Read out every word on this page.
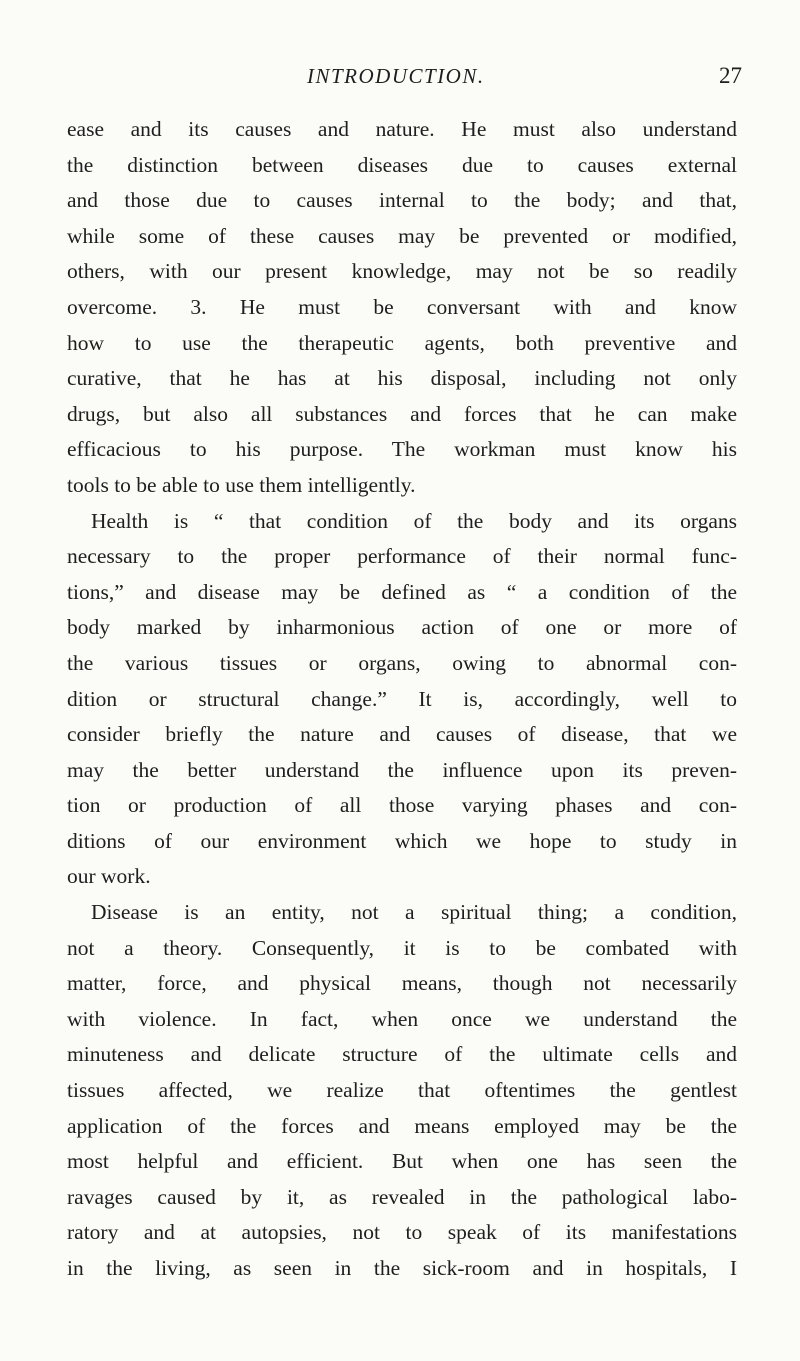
INTRODUCTION.	27
ease and its causes and nature. He must also understand
the distinction between diseases due to causes external
and those due to causes internal to the body; and that,
while some of these causes may be prevented or modified,
others, with our present knowledge, may not be so readily
overcome. 3. He must be conversant with and know
how to use the therapeutic agents, both preventive and
curative, that he has at his disposal, including not only
drugs, but also all substances and forces that he can make
efficacious to his purpose. The workman must know his
tools to be able to use them intelligently.
Health is “ that condition of the body and its organs
necessary to the proper performance of their normal func-
tions,” and disease may be defined as “ a condition of the
body marked by inharmonious action of one or more of
the various tissues or organs, owing to abnormal con-
dition or structural change.” It is, accordingly, well to
consider briefly the nature and causes of disease, that we
may the better understand the influence upon its preven-
tion or production of all those varying phases and con-
ditions of our environment which we hope to study in
our work.
Disease is an entity, not a spiritual thing; a condition,
not a theory. Consequently, it is to be combated with
matter, force, and physical means, though not necessarily
with violence. In fact, when once we understand the
minuteness and delicate structure of the ultimate cells and
tissues affected, we realize that oftentimes the gentlest
application of the forces and means employed may be the
most helpful and efficient. But when one has seen the
ravages caused by it, as revealed in the pathological labo-
ratory and at autopsies, not to speak of its manifestations
in the living, as seen in the sick-room and in hospitals, I
